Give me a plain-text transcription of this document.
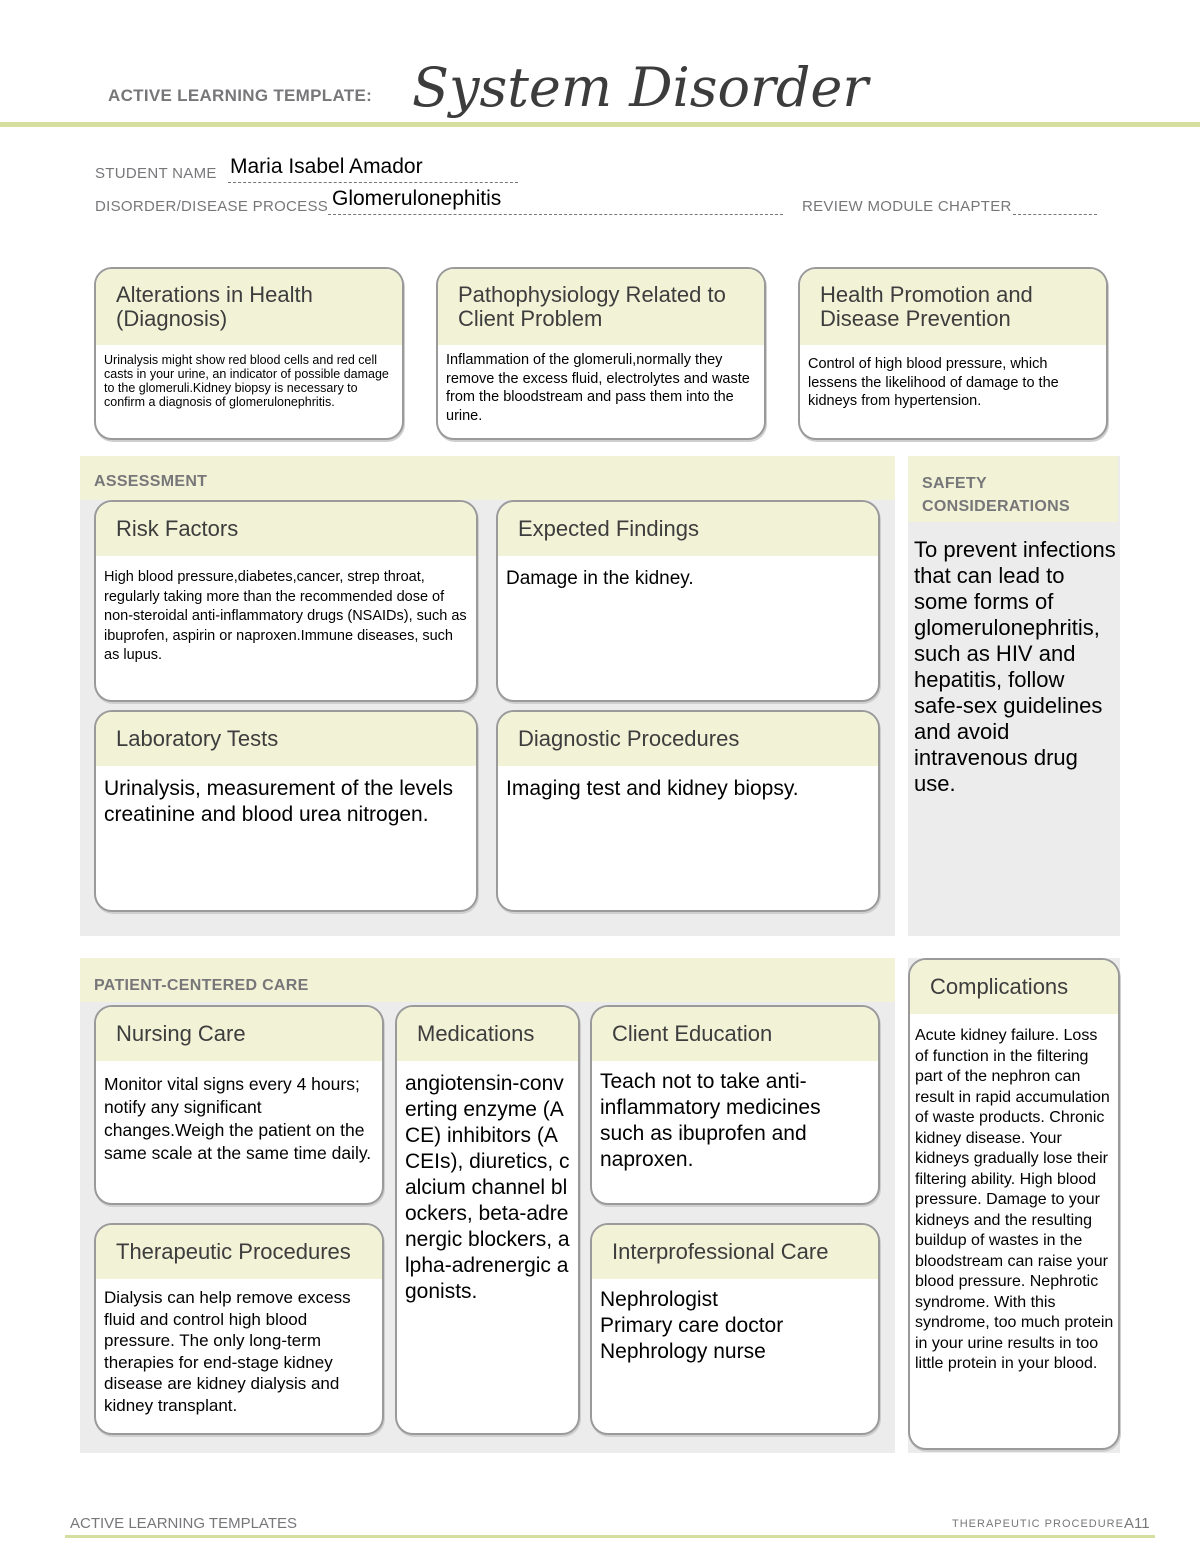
ACTIVE LEARNING TEMPLATE: System Disorder
STUDENT NAME Maria Isabel Amador
DISORDER/DISEASE PROCESS Glomerulonephitis	REVIEW MODULE CHAPTER
Alterations in Health (Diagnosis)
Urinalysis might show red blood cells and red cell casts in your urine, an indicator of possible damage to the glomeruli.Kidney biopsy is necessary to confirm a diagnosis of glomerulonephritis.
Pathophysiology Related to Client Problem
Inflammation of the glomeruli,normally they remove the excess fluid, electrolytes and waste from the bloodstream and pass them into the urine.
Health Promotion and Disease Prevention
Control of high blood pressure, which lessens the likelihood of damage to the kidneys from hypertension.
ASSESSMENT
Risk Factors
High blood pressure,diabetes,cancer, strep throat, regularly taking more than the recommended dose of non-steroidal anti-inflammatory drugs (NSAIDs), such as ibuprofen, aspirin or naproxen.Immune diseases, such as lupus.
Expected Findings
Damage in the kidney.
Laboratory Tests
Urinalysis, measurement of the levels creatinine and blood urea nitrogen.
Diagnostic Procedures
Imaging test and kidney biopsy.
SAFETY CONSIDERATIONS
To prevent infections that can lead to some forms of glomerulonephritis, such as HIV and hepatitis, follow safe-sex guidelines and avoid intravenous drug use.
PATIENT-CENTERED CARE
Nursing Care
Monitor vital signs every 4 hours; notify any significant changes.Weigh the patient on the same scale at the same time daily.
Medications
angiotensin-converting enzyme (ACE) inhibitors (ACEIs), diuretics, calcium channel blockers, beta-adrenergic blockers, alpha-adrenergic agonists.
Client Education
Teach not to take anti-inflammatory medicines such as ibuprofen and naproxen.
Therapeutic Procedures
Dialysis can help remove excess fluid and control high blood pressure. The only long-term therapies for end-stage kidney disease are kidney dialysis and kidney transplant.
Interprofessional Care
Nephrologist
Primary care doctor
Nephrology nurse
Complications
Acute kidney failure. Loss of function in the filtering part of the nephron can result in rapid accumulation of waste products. Chronic kidney disease. Your kidneys gradually lose their filtering ability. High blood pressure. Damage to your kidneys and the resulting buildup of wastes in the bloodstream can raise your blood pressure. Nephrotic syndrome. With this syndrome, too much protein in your urine results in too little protein in your blood.
ACTIVE LEARNING TEMPLATES	THERAPEUTIC PROCEDURE A11
